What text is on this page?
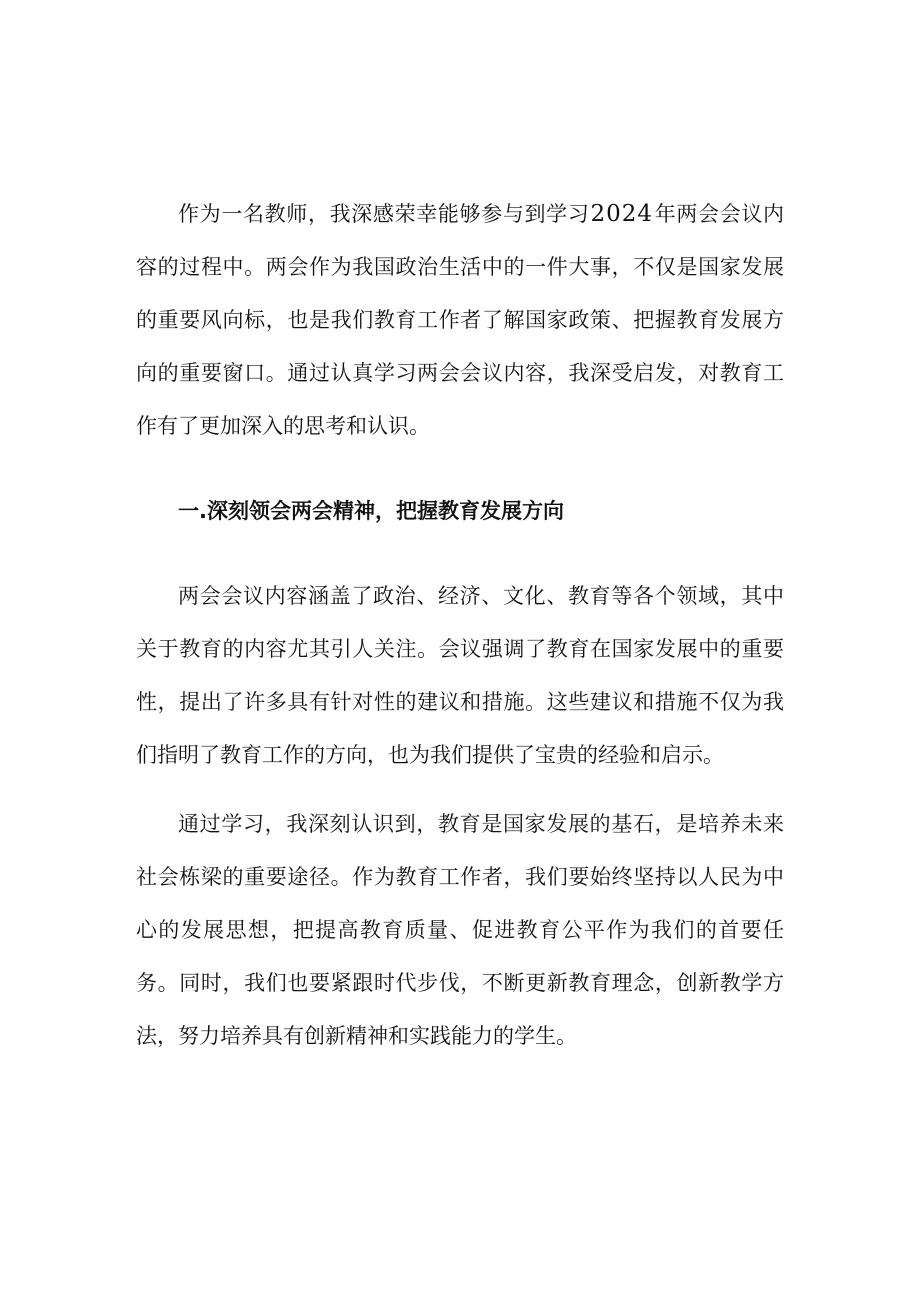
作为一名教师，我深感荣幸能够参与到学习2024年两会会议内容的过程中。两会作为我国政治生活中的一件大事，不仅是国家发展的重要风向标，也是我们教育工作者了解国家政策、把握教育发展方向的重要窗口。通过认真学习两会会议内容，我深受启发，对教育工作有了更加深入的思考和认识。

一.深刻领会两会精神，把握教育发展方向

两会会议内容涵盖了政治、经济、文化、教育等各个领域，其中关于教育的内容尤其引人关注。会议强调了教育在国家发展中的重要性，提出了许多具有针对性的建议和措施。这些建议和措施不仅为我们指明了教育工作的方向，也为我们提供了宝贵的经验和启示。

通过学习，我深刻认识到，教育是国家发展的基石，是培养未来社会栋梁的重要途径。作为教育工作者，我们要始终坚持以人民为中心的发展思想，把提高教育质量、促进教育公平作为我们的首要任务。同时，我们也要紧跟时代步伐，不断更新教育理念，创新教学方法，努力培养具有创新精神和实践能力的学生。
